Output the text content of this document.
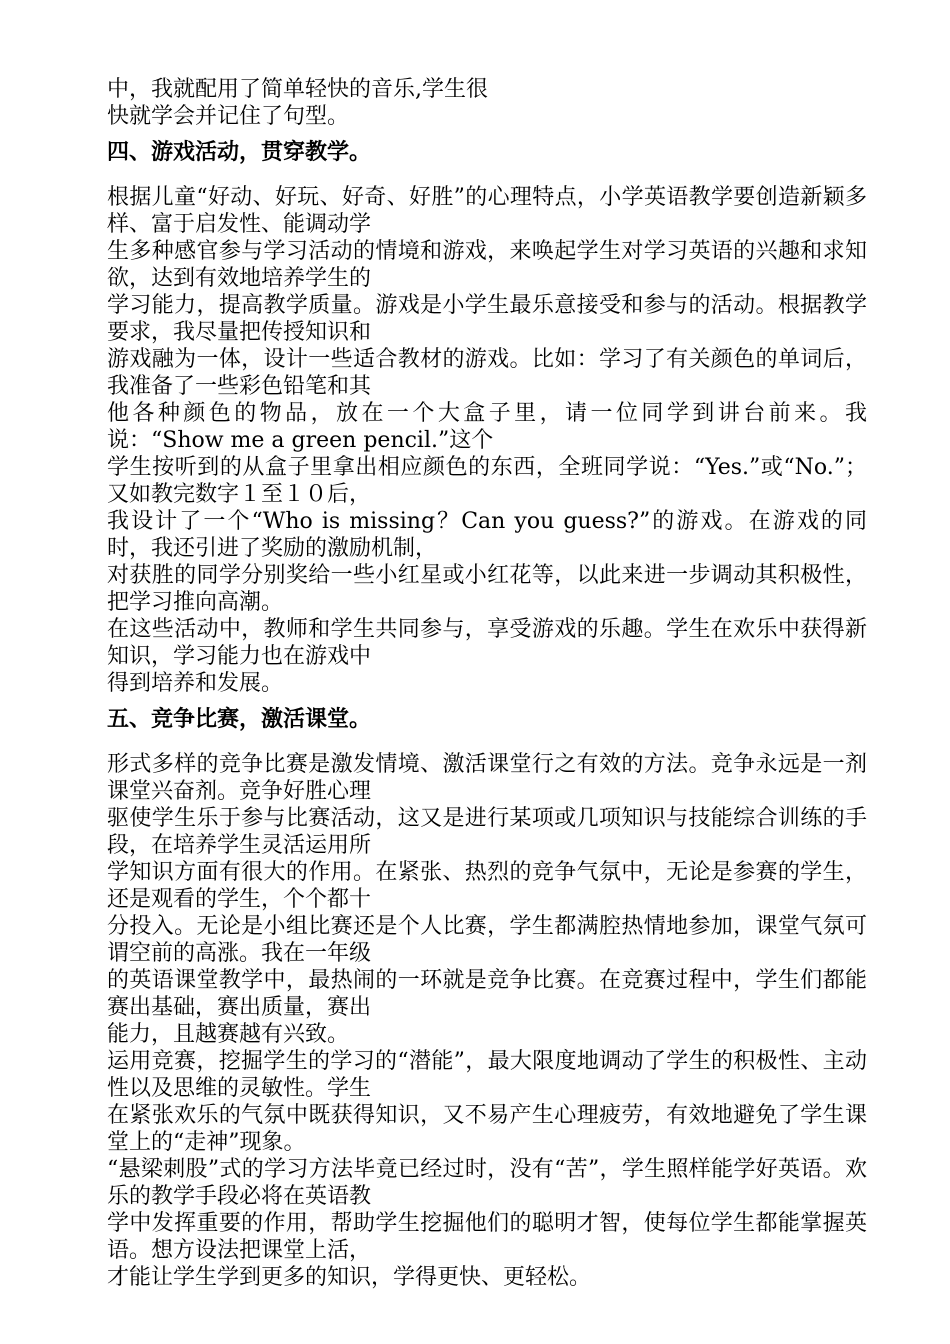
中，我就配用了简单轻快的音乐,学生很
快就学会并记住了句型。
四、游戏活动，贯穿教学。
根据儿童“好动、好玩、好奇、好胜”的心理特点，小学英语教学要创造新颖多样、富于启发性、能调动学
生多种感官参与学习活动的情境和游戏，来唤起学生对学习英语的兴趣和求知欲，达到有效地培养学生的
学习能力，提高教学质量。游戏是小学生最乐意接受和参与的活动。根据教学要求，我尽量把传授知识和
游戏融为一体，设计一些适合教材的游戏。比如：学习了有关颜色的单词后，我准备了一些彩色铅笔和其
他各种颜色的物品，放在一个大盒子里，请一位同学到讲台前来。我说：“Show me a green pencil.”这个
学生按听到的从盒子里拿出相应颜色的东西，全班同学说：“Yes.”或“No.”；又如教完数字１至１０后，
我设计了一个“Who is missing？Can you guess?”的游戏。在游戏的同时，我还引进了奖励的激励机制，
对获胜的同学分别奖给一些小红星或小红花等，以此来进一步调动其积极性，把学习推向高潮。
在这些活动中，教师和学生共同参与，享受游戏的乐趣。学生在欢乐中获得新知识，学习能力也在游戏中
得到培养和发展。
五、竞争比赛，激活课堂。
形式多样的竞争比赛是激发情境、激活课堂行之有效的方法。竞争永远是一剂课堂兴奋剂。竞争好胜心理
驱使学生乐于参与比赛活动，这又是进行某项或几项知识与技能综合训练的手段，在培养学生灵活运用所
学知识方面有很大的作用。在紧张、热烈的竞争气氛中，无论是参赛的学生，还是观看的学生，个个都十
分投入。无论是小组比赛还是个人比赛，学生都满腔热情地参加，课堂气氛可谓空前的高涨。我在一年级
的英语课堂教学中，最热闹的一环就是竞争比赛。在竞赛过程中，学生们都能赛出基础，赛出质量，赛出
能力，且越赛越有兴致。
运用竞赛，挖掘学生的学习的“潜能”，最大限度地调动了学生的积极性、主动性以及思维的灵敏性。学生
在紧张欢乐的气氛中既获得知识，又不易产生心理疲劳，有效地避免了学生课堂上的“走神”现象。
“悬梁刺股”式的学习方法毕竟已经过时，没有“苦”，学生照样能学好英语。欢乐的教学手段必将在英语教
学中发挥重要的作用，帮助学生挖掘他们的聪明才智，使每位学生都能掌握英语。想方设法把课堂上活，
才能让学生学到更多的知识，学得更快、更轻松。
